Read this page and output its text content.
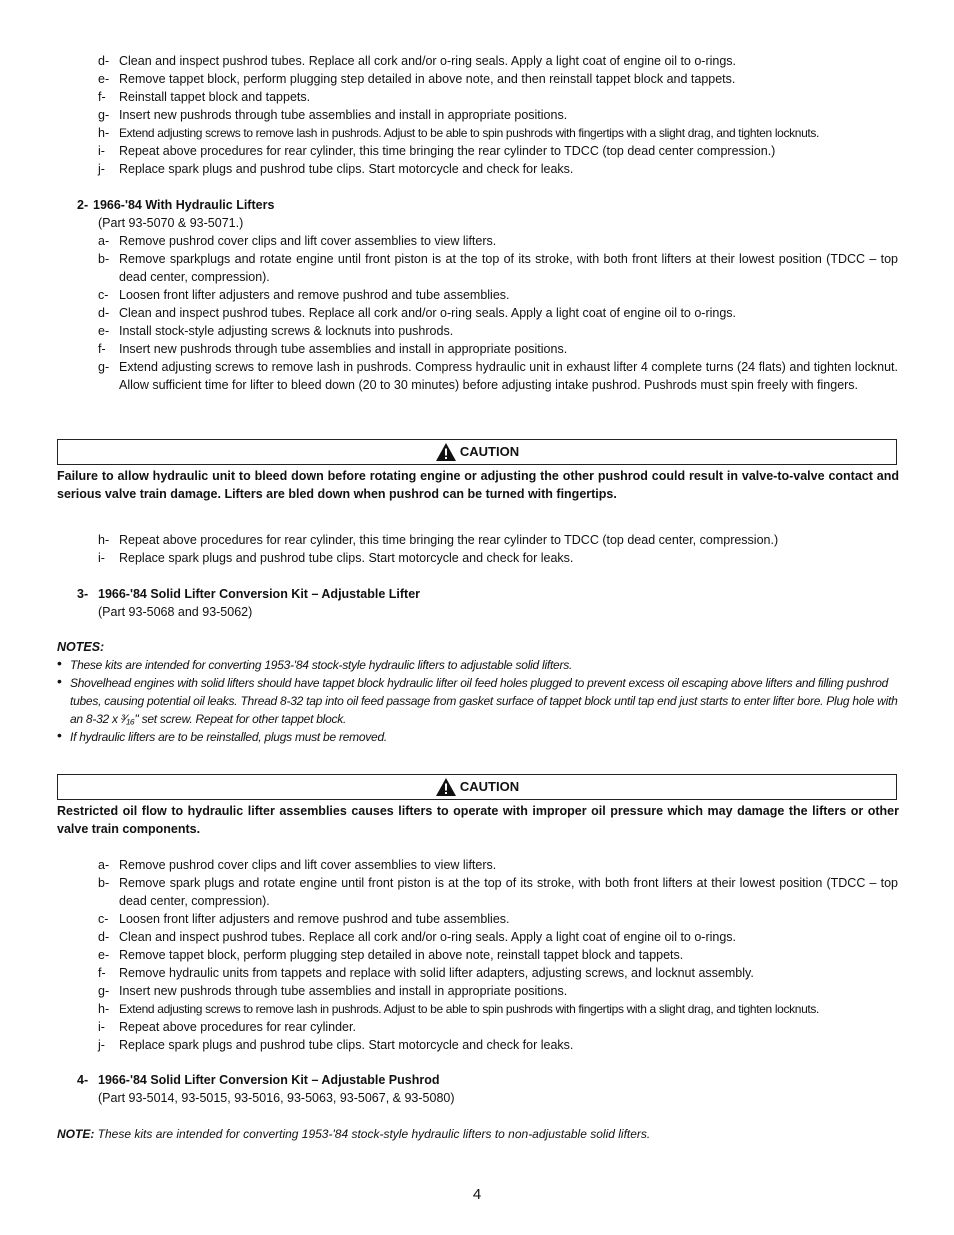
d- Clean and inspect pushrod tubes. Replace all cork and/or o-ring seals. Apply a light coat of engine oil to o-rings.
e- Remove tappet block, perform plugging step detailed in above note, and then reinstall tappet block and tappets.
f-	Reinstall tappet block and tappets.
g- Insert new pushrods through tube assemblies and install in appropriate positions.
h- Extend adjusting screws to remove lash in pushrods. Adjust to be able to spin pushrods with fingertips with a slight drag, and tighten locknuts.
i-	Repeat above procedures for rear cylinder, this time bringing the rear cylinder to TDCC (top dead center compression.)
j-	Replace spark plugs and pushrod tube clips. Start motorcycle and check for leaks.
2- 1966-'84 With Hydraulic Lifters
(Part 93-5070 & 93-5071.)
a- Remove pushrod cover clips and lift cover assemblies to view lifters.
b- Remove sparkplugs and rotate engine until front piston is at the top of its stroke, with both front lifters at their lowest position (TDCC – top dead center, compression).
c- Loosen front lifter adjusters and remove pushrod and tube assemblies.
d- Clean and inspect pushrod tubes. Replace all cork and/or o-ring seals. Apply a light coat of engine oil to o-rings.
e- Install stock-style adjusting screws & locknuts into pushrods.
f-	Insert new pushrods through tube assemblies and install in appropriate positions.
g- Extend adjusting screws to remove lash in pushrods. Compress hydraulic unit in exhaust lifter 4 complete turns (24 flats) and tighten locknut. Allow sufficient time for lifter to bleed down (20 to 30 minutes) before adjusting intake pushrod. Pushrods must spin freely with fingers.
CAUTION
Failure to allow hydraulic unit to bleed down before rotating engine or adjusting the other pushrod could result in valve-to-valve contact and serious valve train damage. Lifters are bled down when pushrod can be turned with fingertips.
h- Repeat above procedures for rear cylinder, this time bringing the rear cylinder to TDCC (top dead center, compression.)
i-	Replace spark plugs and pushrod tube clips. Start motorcycle and check for leaks.
3- 1966-'84 Solid Lifter Conversion Kit – Adjustable Lifter
(Part 93-5068 and 93-5062)
NOTES:
• These kits are intended for converting 1953-'84 stock-style hydraulic lifters to adjustable solid lifters.
• Shovelhead engines with solid lifters should have tappet block hydraulic lifter oil feed holes plugged to prevent excess oil escaping above lifters and filling pushrod tubes, causing potential oil leaks. Thread 8-32 tap into oil feed passage from gasket surface of tappet block until tap end just starts to enter lifter bore. Plug hole with an 8-32 x ³⁄₁₆" set screw. Repeat for other tappet block.
• If hydraulic lifters are to be reinstalled, plugs must be removed.
CAUTION
Restricted oil flow to hydraulic lifter assemblies causes lifters to operate with improper oil pressure which may damage the lifters or other valve train components.
a- Remove pushrod cover clips and lift cover assemblies to view lifters.
b- Remove spark plugs and rotate engine until front piston is at the top of its stroke, with both front lifters at their lowest position (TDCC – top dead center, compression).
c- Loosen front lifter adjusters and remove pushrod and tube assemblies.
d- Clean and inspect pushrod tubes. Replace all cork and/or o-ring seals. Apply a light coat of engine oil to o-rings.
e- Remove tappet block, perform plugging step detailed in above note, reinstall tappet block and tappets.
f-	Remove hydraulic units from tappets and replace with solid lifter adapters, adjusting screws, and locknut assembly.
g- Insert new pushrods through tube assemblies and install in appropriate positions.
h- Extend adjusting screws to remove lash in pushrods. Adjust to be able to spin pushrods with fingertips with a slight drag, and tighten locknuts.
i-	Repeat above procedures for rear cylinder.
j-	Replace spark plugs and pushrod tube clips. Start motorcycle and check for leaks.
4- 1966-'84 Solid Lifter Conversion Kit – Adjustable Pushrod
(Part 93-5014, 93-5015, 93-5016, 93-5063, 93-5067, & 93-5080)
NOTE: These kits are intended for converting 1953-'84 stock-style hydraulic lifters to non-adjustable solid lifters.
4
